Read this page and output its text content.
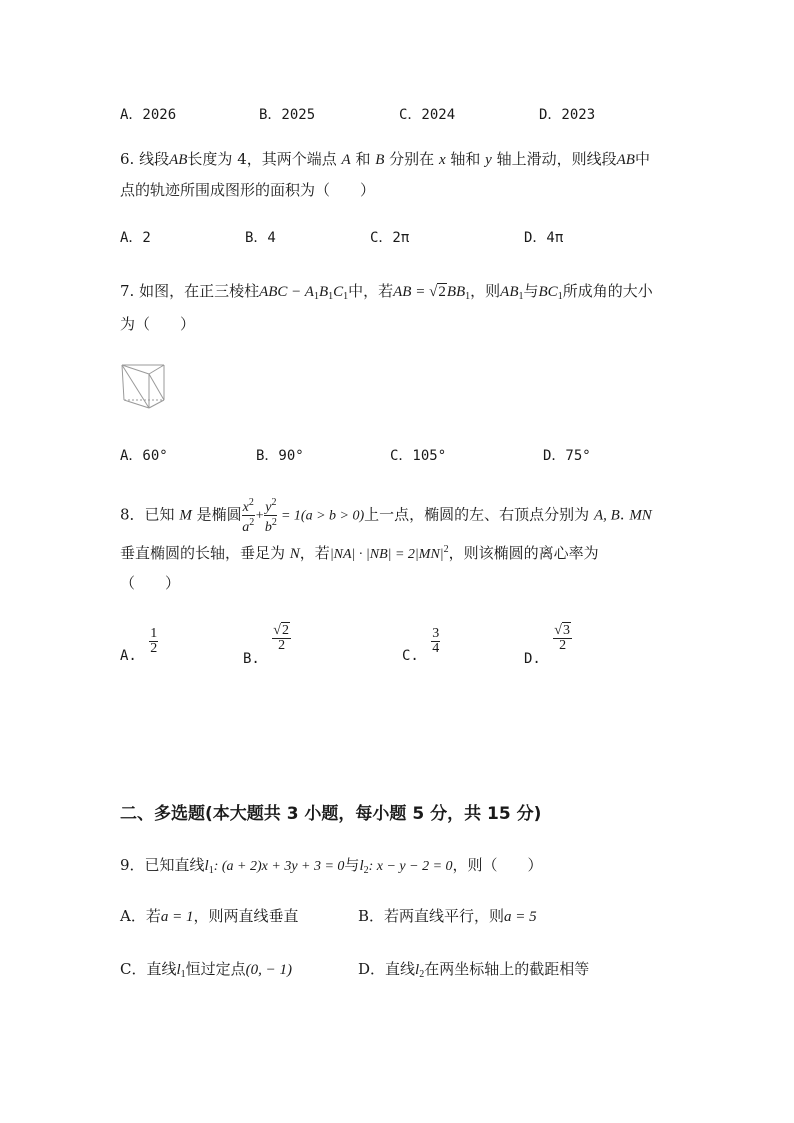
A．2026	B．2025	C．2024	D．2023
6. 线段AB长度为 4，其两个端点 A 和 B 分别在 x 轴和 y 轴上滑动，则线段AB中
点的轨迹所围成图形的面积为（　　）
A．2	B．4	C．2π	D．4π
7. 如图，在正三棱柱ABC − $A_1B_1C_1$中，若AB = $√2BB_1$，则$AB_1$与$BC_1$所成角的大小
为（　　）
A．60°	B．90°	C．105°	D．75°
8．已知 M 是椭圆 $\frac{x^2}{a^2} + \frac{y^2}{b^2} = 1(a > b > 0)$上一点，椭圆的左、右顶点分别为 A, B. MN
垂直椭圆的长轴，垂足为 N，若$|NA| \cdot |NB| = 2|MN|^2$，则该椭圆的离心率为
（　　）
A. $\frac{1}{2}$
B.
$\frac{√2}{2}$
C. $\frac{3}{4}$
D.
$\frac{√3}{2}$
二、多选题(本大题共 3 小题，每小题 5 分，共 15 分)
9．已知直线$l_1$: (a + 2)x + 3y + 3 = 0与$l_2$: x − y − 2 = 0，则（　　）
A．若a = 1，则两直线垂直	B．若两直线平行，则a = 5
C．直线$l_1$恒过定点(0, − 1)	D．直线$l_2$在两坐标轴上的截距相等
